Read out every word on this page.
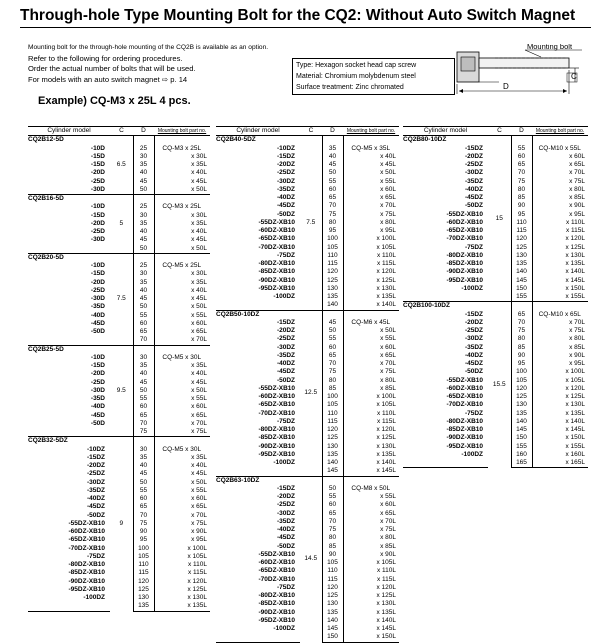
Through-hole Type Mounting Bolt for the CQ2: Without Auto Switch Magnet
Mounting bolt for the through-hole mounting of the CQ2B is available as an option.
Refer to the following for ordering procedures.
Order the actual number of bolts that will be used.
For models with an auto switch magnet ⇨ p. 14
Example) CQ-M3 x 25L 4 pcs.
Type: Hexagon socket head cap screw
Material: Chromium molybdenum steel
Surface treatment: Zinc chromated
Mounting bolt
D
C
Cylinder model	C	D	Mounting bolt part no.
CQ2B12-5D	6.5		
-10D		25	CQ-M3 x 25L
-15D		30	x 30L
-15D		35	x 35L
-20D		40	x 40L
-25D		45	x 45L
-30D		50	x 50L
CQ2B16-5D	5		
-10D		25	CQ-M3 x 25L
-15D		30	x 30L
-20D		35	x 35L
-25D		40	x 40L
-30D		45	x 45L
		50	x 50L
CQ2B20-5D	7.5		
-10D		25	CQ-M5 x 25L
-15D		30	x 30L
-20D		35	x 35L
-25D		40	x 40L
-30D		45	x 45L
-35D		50	x 50L
-40D		55	x 55L
-45D		60	x 60L
-50D		65	x 65L
		70	x 70L
CQ2B25-5D	9.5		
-10D		30	CQ-M5 x 30L
-15D		35	x 35L
-20D		40	x 40L
-25D		45	x 45L
-30D		50	x 50L
-35D		55	x 55L
-40D		60	x 60L
-45D		65	x 65L
-50D		70	x 70L
		75	x 75L
CQ2B32-5DZ	9		
-10DZ		30	CQ-M5 x 30L
-15DZ		35	x 35L
-20DZ		40	x 40L
-25DZ		45	x 45L
-30DZ		50	x 50L
-35DZ		55	x 55L
-40DZ		60	x 60L
-45DZ		65	x 65L
-50DZ		70	x 70L
-55DZ-XB10		75	x 75L
-60DZ-XB10		90	x 90L
-65DZ-XB10		95	x 95L
-70DZ-XB10		100	x 100L
-75DZ		105	x 105L
-80DZ-XB10		110	x 110L
-85DZ-XB10		115	x 115L
-90DZ-XB10		120	x 120L
-95DZ-XB10		125	x 125L
-100DZ		130	x 130L
		135	x 135L
Cylinder model	C	D	Mounting bolt part no.
CQ2B40-5DZ	7.5		
-10DZ		35	CQ-M5 x 35L
-15DZ		40	x 40L
-20DZ		45	x 45L
-25DZ		50	x 50L
-30DZ		55	x 55L
-35DZ		60	x 60L
-40DZ		65	x 65L
-45DZ		70	x 70L
-50DZ		75	x 75L
-55DZ-XB10		80	x 80L
-60DZ-XB10		95	x 95L
-65DZ-XB10		100	x 100L
-70DZ-XB10		105	x 105L
-75DZ		110	x 110L
-80DZ-XB10		115	x 115L
-85DZ-XB10		120	x 120L
-90DZ-XB10		125	x 125L
-95DZ-XB10		130	x 130L
-100DZ		135	x 135L
		140	x 140L
CQ2B50-10DZ	12.5		
-15DZ		45	CQ-M6 x 45L
-20DZ		50	x 50L
-25DZ		55	x 55L
-30DZ		60	x 60L
-35DZ		65	x 65L
-40DZ		70	x 70L
-45DZ		75	x 75L
-50DZ		80	x 80L
-55DZ-XB10		85	x 85L
-60DZ-XB10		100	x 100L
-65DZ-XB10		105	x 105L
-70DZ-XB10		110	x 110L
-75DZ		115	x 115L
-80DZ-XB10		120	x 120L
-85DZ-XB10		125	x 125L
-90DZ-XB10		130	x 130L
-95DZ-XB10		135	x 135L
-100DZ		140	x 140L
		145	x 145L
CQ2B63-10DZ	14.5		
-15DZ		50	CQ-M8 x 50L
-20DZ		55	x 55L
-25DZ		60	x 60L
-30DZ		65	x 65L
-35DZ		70	x 70L
-40DZ		75	x 75L
-45DZ		80	x 80L
-50DZ		85	x 85L
-55DZ-XB10		90	x 90L
-60DZ-XB10		105	x 105L
-65DZ-XB10		110	x 110L
-70DZ-XB10		115	x 115L
-75DZ		120	x 120L
-80DZ-XB10		125	x 125L
-85DZ-XB10		130	x 130L
-90DZ-XB10		135	x 135L
-95DZ-XB10		140	x 140L
-100DZ		145	x 145L
		150	x 150L
Cylinder model	C	D	Mounting bolt part no.
CQ2B80-10DZ	15		
-15DZ		55	CQ-M10 x 55L
-20DZ		60	x 60L
-25DZ		65	x 65L
-30DZ		70	x 70L
-35DZ		75	x 75L
-40DZ		80	x 80L
-45DZ		85	x 85L
-50DZ		90	x 90L
-55DZ-XB10		95	x 95L
-60DZ-XB10		110	x 110L
-65DZ-XB10		115	x 115L
-70DZ-XB10		120	x 120L
-75DZ		125	x 125L
-80DZ-XB10		130	x 130L
-85DZ-XB10		135	x 135L
-90DZ-XB10		140	x 140L
-95DZ-XB10		145	x 145L
-100DZ		150	x 150L
		155	x 155L
CQ2B100-10DZ	15.5		
-15DZ		65	CQ-M10 x 65L
-20DZ		70	x 70L
-25DZ		75	x 75L
-30DZ		80	x 80L
-35DZ		85	x 85L
-40DZ		90	x 90L
-45DZ		95	x 95L
-50DZ		100	x 100L
-55DZ-XB10		105	x 105L
-60DZ-XB10		120	x 120L
-65DZ-XB10		125	x 125L
-70DZ-XB10		130	x 130L
-75DZ		135	x 135L
-80DZ-XB10		140	x 140L
-85DZ-XB10		145	x 145L
-90DZ-XB10		150	x 150L
-95DZ-XB10		155	x 155L
-100DZ		160	x 160L
		165	x 165L
